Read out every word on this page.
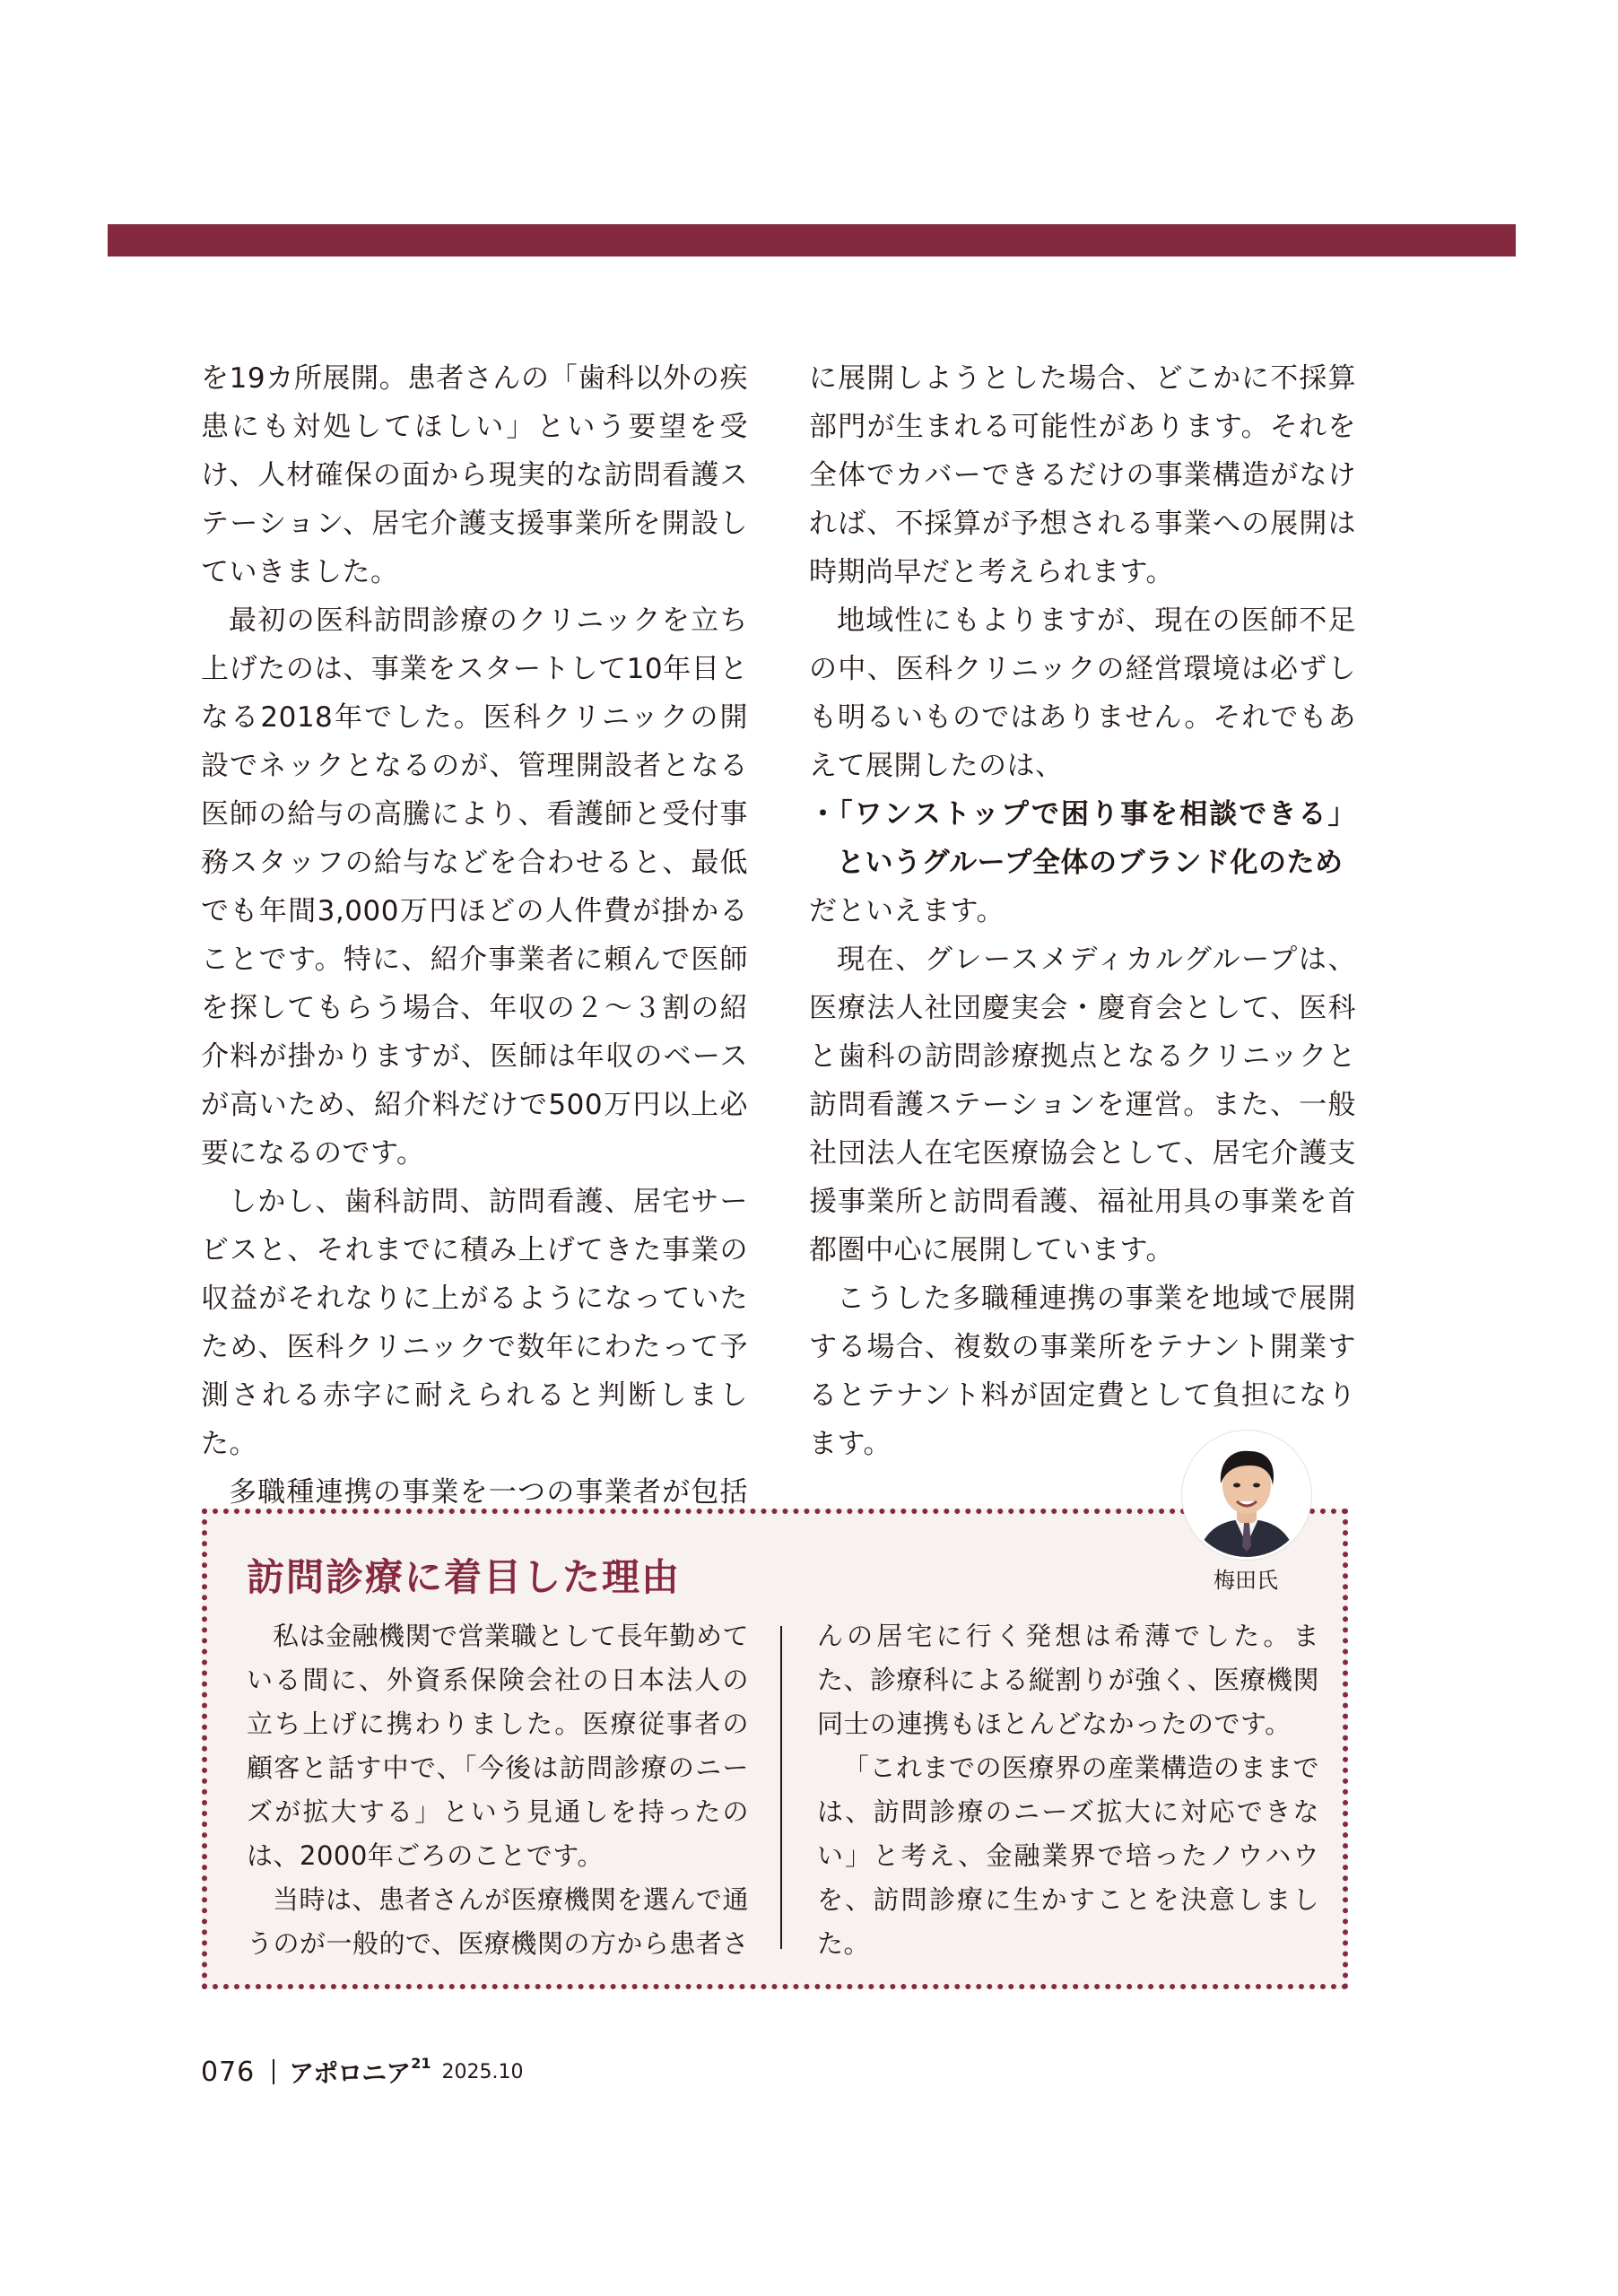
を19カ所展開。患者さんの「歯科以外の疾患にも対処してほしい」という要望を受け、人材確保の面から現実的な訪問看護ステーション、居宅介護支援事業所を開設していきました。

最初の医科訪問診療のクリニックを立ち上げたのは、事業をスタートして10年目となる2018年でした。医科クリニックの開設でネックとなるのが、管理開設者となる医師の給与の高騰により、看護師と受付事務スタッフの給与などを合わせると、最低でも年間3,000万円ほどの人件費が掛かることです。特に、紹介事業者に頼んで医師を探してもらう場合、年収の２～３割の紹介料が掛かりますが、医師は年収のベースが高いため、紹介料だけで500万円以上必要になるのです。

しかし、歯科訪問、訪問看護、居宅サービスと、それまでに積み上げてきた事業の収益がそれなりに上がるようになっていたため、医科クリニックで数年にわたって予測される赤字に耐えられると判断しました。

多職種連携の事業を一つの事業者が包括

に展開しようとした場合、どこかに不採算部門が生まれる可能性があります。それを全体でカバーできるだけの事業構造がなければ、不採算が予想される事業への展開は時期尚早だと考えられます。

地域性にもよりますが、現在の医師不足の中、医科クリニックの経営環境は必ずしも明るいものではありません。それでもあえて展開したのは、

・「ワンストップで困り事を相談できる」というグループ全体のブランド化のため

だといえます。

現在、グレースメディカルグループは、医療法人社団慶実会・慶育会として、医科と歯科の訪問診療拠点となるクリニックと訪問看護ステーションを運営。また、一般社団法人在宅医療協会として、居宅介護支援事業所と訪問看護、福祉用具の事業を首都圏中心に展開しています。

こうした多職種連携の事業を地域で展開する場合、複数の事業所をテナント開業するとテナント料が固定費として負担になります。

訪問診療に着目した理由

私は金融機関で営業職として長年勤めている間に、外資系保険会社の日本法人の立ち上げに携わりました。医療従事者の顧客と話す中で、「今後は訪問診療のニーズが拡大する」という見通しを持ったのは、2000年ごろのことです。

当時は、患者さんが医療機関を選んで通うのが一般的で、医療機関の方から患者さ

んの居宅に行く発想は希薄でした。また、診療科による縦割りが強く、医療機関同士の連携もほとんどなかったのです。

「これまでの医療界の産業構造のままでは、訪問診療のニーズ拡大に対応できない」と考え、金融業界で培ったノウハウを、訪問診療に生かすことを決意しました。

梅田氏
076 アポロニア 21 2025.10
